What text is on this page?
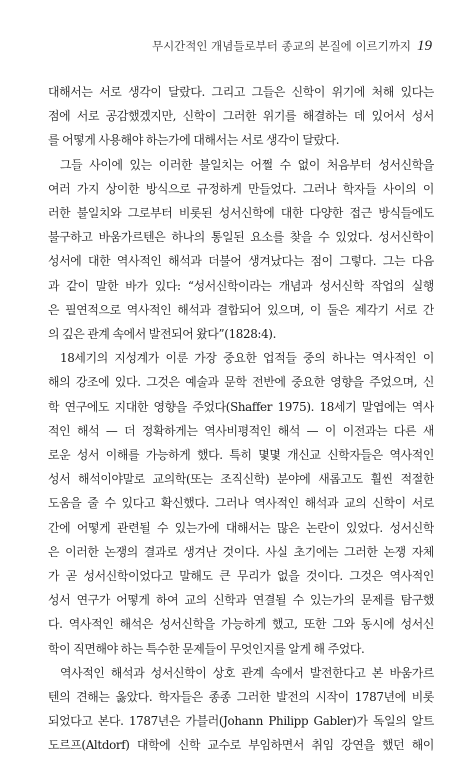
무시간적인 개념들로부터 종교의 본질에 이르기까지 19
대해서는 서로 생각이 달랐다. 그리고 그들은 신학이 위기에 처해 있다는
점에 서로 공감했겠지만, 신학이 그러한 위기를 해결하는 데 있어서 성서
를 어떻게 사용해야 하는가에 대해서는 서로 생각이 달랐다.
그들 사이에 있는 이러한 불일치는 어쩔 수 없이 처음부터 성서신학을
여러 가지 상이한 방식으로 규정하게 만들었다. 그러나 학자들 사이의 이
러한 불일치와 그로부터 비롯된 성서신학에 대한 다양한 접근 방식들에도
불구하고 바움가르텐은 하나의 통일된 요소를 찾을 수 있었다. 성서신학이
성서에 대한 역사적인 해석과 더불어 생겨났다는 점이 그렇다. 그는 다음
과 같이 말한 바가 있다: “성서신학이라는 개념과 성서신학 작업의 실행
은 필연적으로 역사적인 해석과 결합되어 있으며, 이 둘은 제각기 서로 간
의 깊은 관계 속에서 발전되어 왔다”(1828:4).
18세기의 지성계가 이룬 가장 중요한 업적들 중의 하나는 역사적인 이
해의 강조에 있다. 그것은 예술과 문학 전반에 중요한 영향을 주었으며, 신
학 연구에도 지대한 영향을 주었다(Shaffer 1975). 18세기 말엽에는 역사
적인 해석 — 더 정확하게는 역사비평적인 해석 — 이 이전과는 다른 새
로운 성서 이해를 가능하게 했다. 특히 몇몇 개신교 신학자들은 역사적인
성서 해석이야말로 교의학(또는 조직신학) 분야에 새롭고도 훨씬 적절한
도움을 줄 수 있다고 확신했다. 그러나 역사적인 해석과 교의 신학이 서로
간에 어떻게 관련될 수 있는가에 대해서는 많은 논란이 있었다. 성서신학
은 이러한 논쟁의 결과로 생겨난 것이다. 사실 초기에는 그러한 논쟁 자체
가 곧 성서신학이었다고 말해도 큰 무리가 없을 것이다. 그것은 역사적인
성서 연구가 어떻게 하여 교의 신학과 연결될 수 있는가의 문제를 탐구했
다. 역사적인 해석은 성서신학을 가능하게 했고, 또한 그와 동시에 성서신
학이 직면해야 하는 특수한 문제들이 무엇인지를 알게 해 주었다.
역사적인 해석과 성서신학이 상호 관계 속에서 발전한다고 본 바움가르
텐의 견해는 옳았다. 학자들은 종종 그러한 발전의 시작이 1787년에 비롯
되었다고 본다. 1787년은 가블러(Johann Philipp Gabler)가 독일의 알트
도르프(Altdorf) 대학에 신학 교수로 부임하면서 취임 강연을 했던 해이
